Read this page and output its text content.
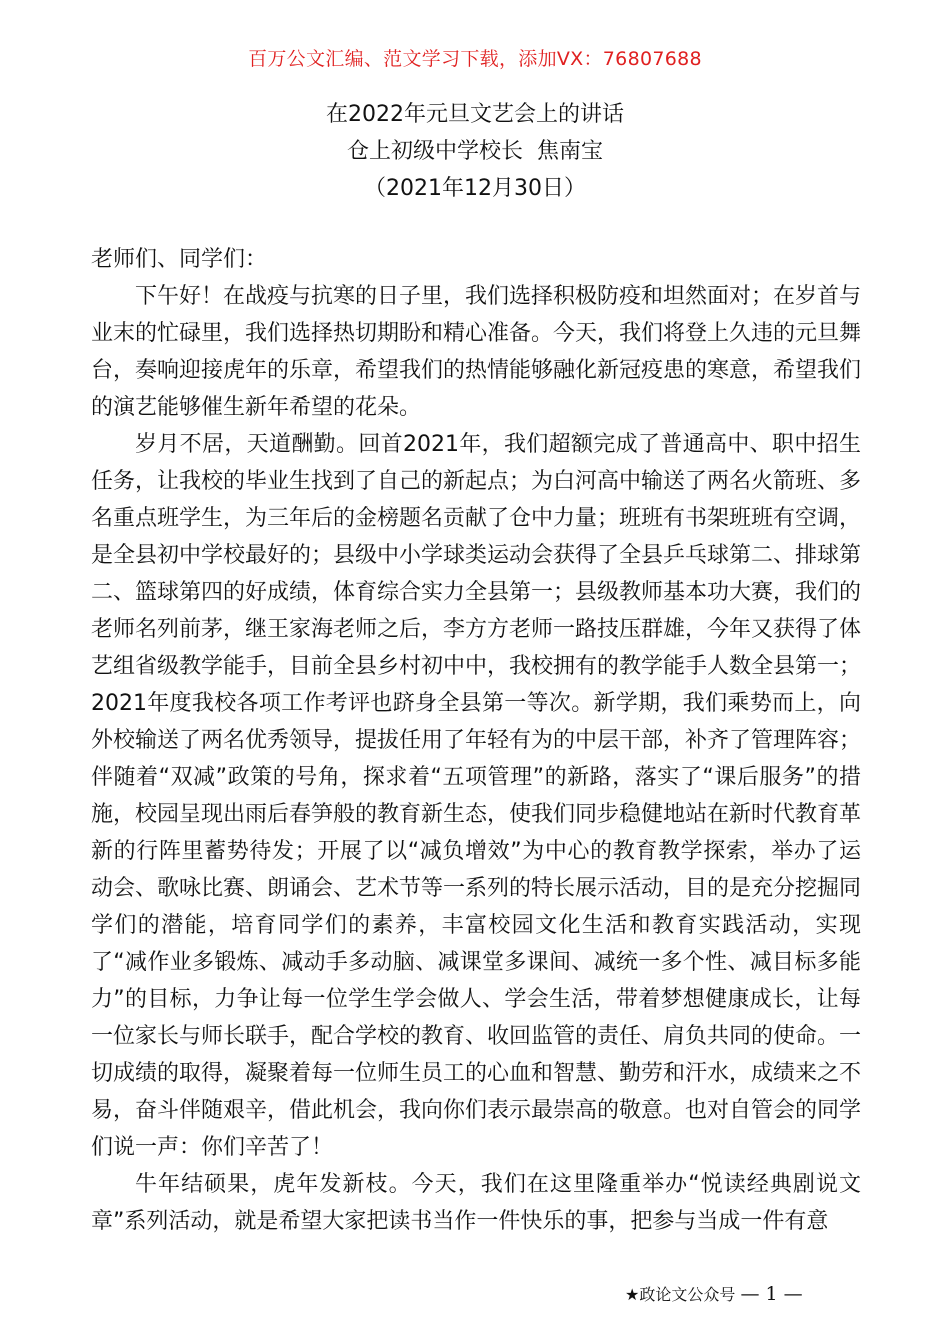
百万公文汇编、范文学习下载，添加VX：76807688
在2022年元旦文艺会上的讲话
仓上初级中学校长  焦南宝
（2021年12月30日）

老师们、同学们：

下午好！在战疫与抗寒的日子里，我们选择积极防疫和坦然面对；在岁首与业末的忙碌里，我们选择热切期盼和精心准备。今天，我们将登上久违的元旦舞台，奏响迎接虎年的乐章，希望我们的热情能够融化新冠疫患的寒意，希望我们的演艺能够催生新年希望的花朵。

岁月不居，天道酬勤。回首2021年，我们超额完成了普通高中、职中招生任务，让我校的毕业生找到了自己的新起点；为白河高中输送了两名火箭班、多名重点班学生，为三年后的金榜题名贡献了仓中力量；班班有书架班班有空调，是全县初中学校最好的；县级中小学球类运动会获得了全县乒乓球第二、排球第二、篮球第四的好成绩，体育综合实力全县第一；县级教师基本功大赛，我们的老师名列前茅，继王家海老师之后，李方方老师一路技压群雄，今年又获得了体艺组省级教学能手，目前全县乡村初中中，我校拥有的教学能手人数全县第一；2021年度我校各项工作考评也跻身全县第一等次。新学期，我们乘势而上，向外校输送了两名优秀领导，提拔任用了年轻有为的中层干部，补齐了管理阵容；伴随着“双减”政策的号角，探求着“五项管理”的新路，落实了“课后服务”的措施，校园呈现出雨后春笋般的教育新生态，使我们同步稳健地站在新时代教育革新的行阵里蓄势待发；开展了以“减负增效”为中心的教育教学探索，举办了运动会、歌咏比赛、朗诵会、艺术节等一系列的特长展示活动，目的是充分挖掘同学们的潜能，培育同学们的素养，丰富校园文化生活和教育实践活动，实现了“减作业多锻炼、减动手多动脑、减课堂多课间、减统一多个性、减目标多能力”的目标，力争让每一位学生学会做人、学会生活，带着梦想健康成长，让每一位家长与师长联手，配合学校的教育、收回监管的责任、肩负共同的使命。一切成绩的取得，凝聚着每一位师生员工的心血和智慧、勤劳和汗水，成绩来之不易，奋斗伴随艰辛，借此机会，我向你们表示最崇高的敬意。也对自管会的同学们说一声：你们辛苦了！

牛年结硕果，虎年发新枝。今天，我们在这里隆重举办“悦读经典剧说文章”系列活动，就是希望大家把读书当作一件快乐的事，把参与当成一件有意

★政论文公众号 — 1 —
